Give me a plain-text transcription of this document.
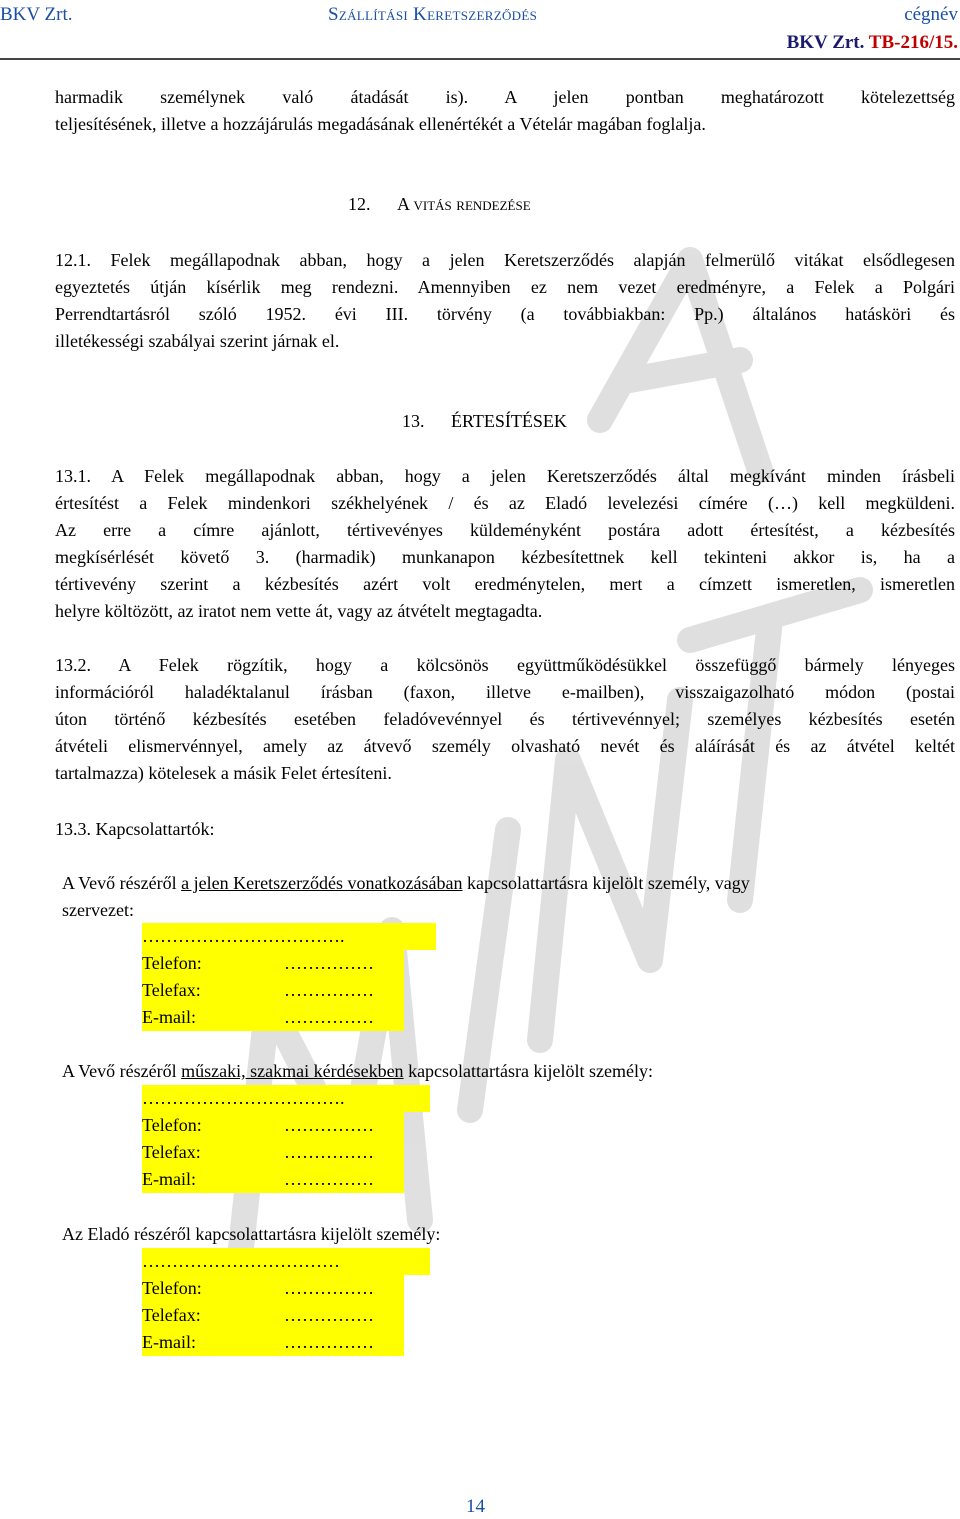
BKV Zrt.	Szállítási Keretszerződés	cégnév
BKV Zrt. TB-216/15.
harmadik személynek való átadását is). A jelen pontban meghatározott kötelezettség
teljesítésének, illetve a hozzájárulás megadásának ellenértékét a Vételár magában foglalja.
12. A vitás rendezése
12.1. Felek megállapodnak abban, hogy a jelen Keretszerződés alapján felmerülő vitákat elsődlegesen
egyeztetés útján kísérlik meg rendezni. Amennyiben ez nem vezet eredményre, a Felek a Polgári
Perrendtartásról szóló 1952. évi III. törvény (a továbbiakban: Pp.) általános hatásköri és
illetékességi szabályai szerint járnak el.
13. ÉRTESÍTÉSEK
13.1. A Felek megállapodnak abban, hogy a jelen Keretszerződés által megkívánt minden írásbeli
értesítést a Felek mindenkori székhelyének / és az Eladó levelezési címére (…) kell megküldeni.
Az erre a címre ajánlott, tértivevényes küldeményként postára adott értesítést, a kézbesítés
megkísérlését követő 3. (harmadik) munkanapon kézbesítettnek kell tekinteni akkor is, ha a
tértivevény szerint a kézbesítés azért volt eredménytelen, mert a címzett ismeretlen, ismeretlen
helyre költözött, az iratot nem vette át, vagy az átvételt megtagadta.
13.2. A Felek rögzítik, hogy a kölcsönös együttműködésükkel összefüggő bármely lényeges
információról haladéktalanul írásban (faxon, illetve e-mailben), visszaigazolható módon (postai
úton történő kézbesítés esetében feladóvevénnyel és tértivevénnyel; személyes kézbesítés esetén
átvételi elismervénnyel, amely az átvevő személy olvasható nevét és aláírását és az átvétel keltét
tartalmazza) kötelesek a másik Felet értesíteni.
13.3. Kapcsolattartók:
A Vevő részéről a jelen Keretszerződés vonatkozásában kapcsolattartásra kijelölt személy, vagy
szervezet:
…………………………….
Telefon:	……………
Telefax:	……………
E-mail:	……………
A Vevő részéről műszaki, szakmai kérdésekben kapcsolattartásra kijelölt személy:
…………………………….
Telefon:	……………
Telefax:	……………
E-mail:	……………
Az Eladó részéről kapcsolattartásra kijelölt személy:
……………………………
Telefon:	……………
Telefax:	……………
E-mail:	……………
14
